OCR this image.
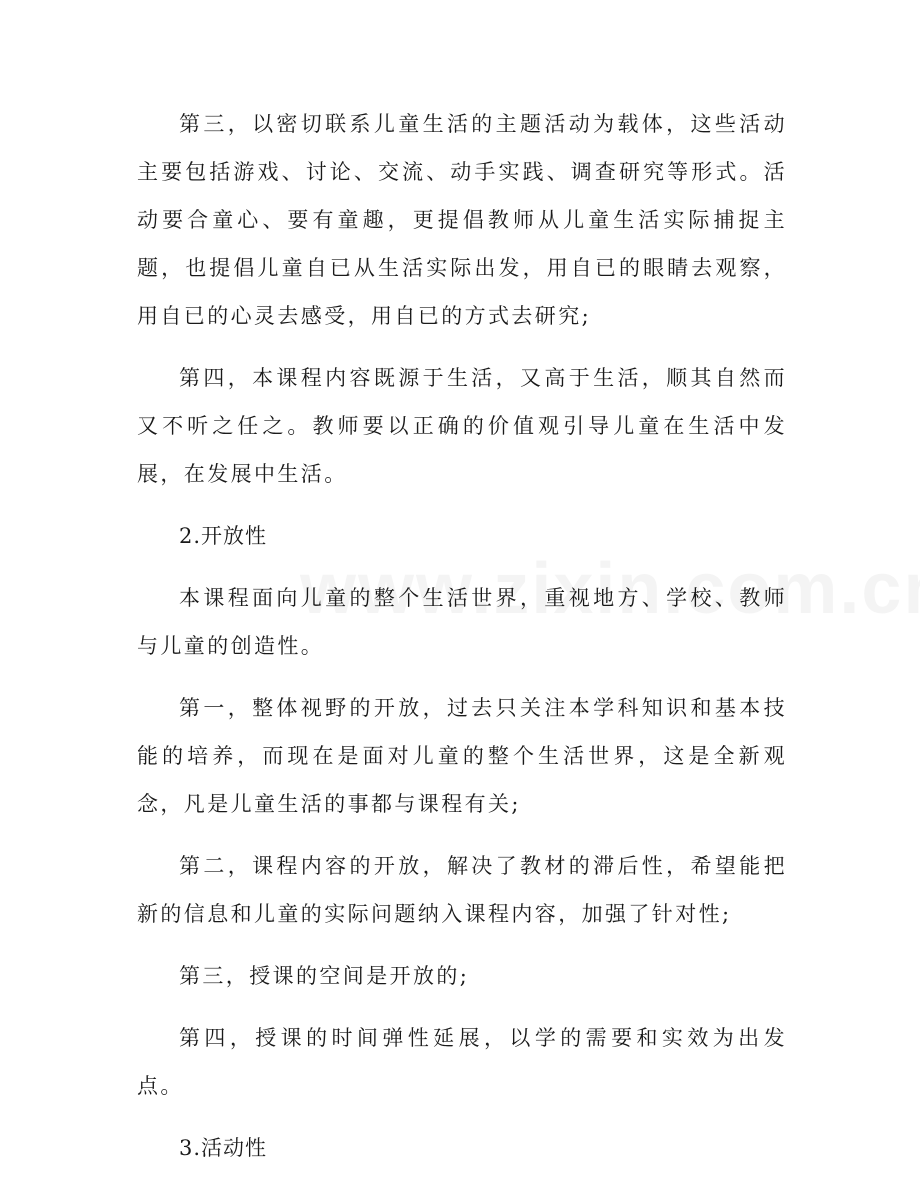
第三，以密切联系儿童生活的主题活动为载体，这些活动主要包括游戏、讨论、交流、动手实践、调查研究等形式。活动要合童心、要有童趣，更提倡教师从儿童生活实际捕捉主题，也提倡儿童自已从生活实际出发，用自已的眼睛去观察，用自已的心灵去感受，用自已的方式去研究;

第四，本课程内容既源于生活，又高于生活，顺其自然而又不听之任之。教师要以正确的价值观引导儿童在生活中发展，在发展中生活。

2.开放性

本课程面向儿童的整个生活世界，重视地方、学校、教师与儿童的创造性。

第一，整体视野的开放，过去只关注本学科知识和基本技能的培养，而现在是面对儿童的整个生活世界，这是全新观念，凡是儿童生活的事都与课程有关;

第二，课程内容的开放，解决了教材的滞后性，希望能把新的信息和儿童的实际问题纳入课程内容，加强了针对性;

第三，授课的空间是开放的;

第四，授课的时间弹性延展，以学的需要和实效为出发点。

3.活动性
